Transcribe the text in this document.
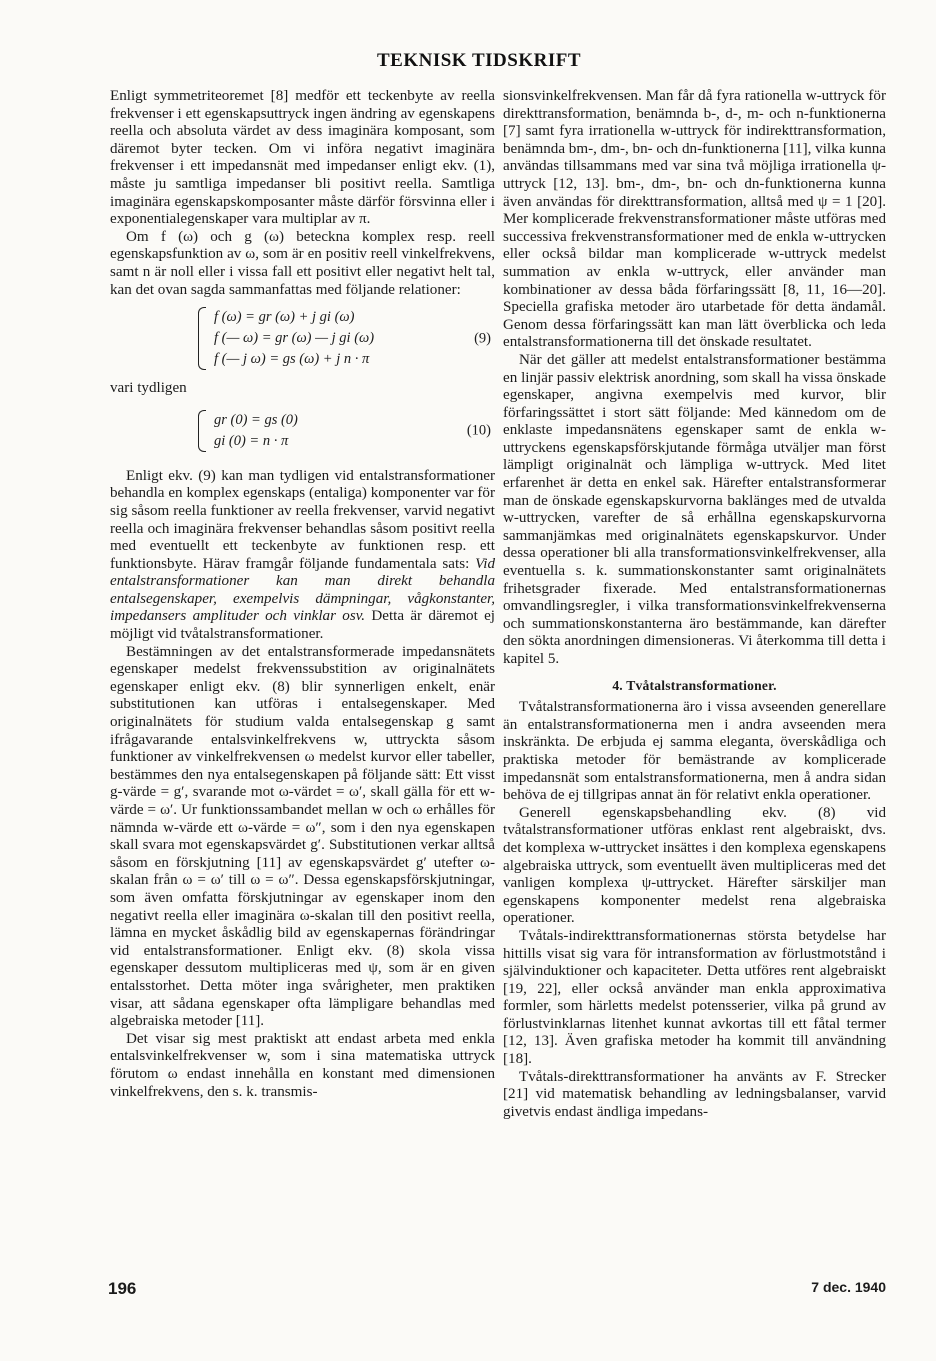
TEKNISK TIDSKRIFT

Enligt symmetriteoremet [8] medför ett teckenbyte av reella frekvenser i ett egenskapsuttryck ingen ändring av egenskapens reella och absoluta värdet av dess imaginära komposant, som däremot byter tecken. Om vi införa negativt imaginära frekvenser i ett impedansnät med impedanser enligt ekv. (1), måste ju samtliga impedanser bli positivt reella. Samtliga imaginära egenskapskomposanter måste därför försvinna eller i exponentialegenskaper vara multiplar av π.

Om f (ω) och g (ω) beteckna komplex resp. reell egenskapsfunktion av ω, som är en positiv reell vinkelfrekvens, samt n är noll eller i vissa fall ett positivt eller negativt helt tal, kan det ovan sagda sammanfattas med följande relationer:

f (ω) = gr (ω) + j gi (ω)
f (— ω) = gr (ω) — j gi (ω)
f (— j ω) = gs (ω) + j n · π
(9)

vari tydligen

gr (0) = gs (0)
gi (0) = n · π
(10)

Enligt ekv. (9) kan man tydligen vid entalstransformationer behandla en komplex egenskaps (entaliga) komponenter var för sig såsom reella funktioner av reella frekvenser, varvid negativt reella och imaginära frekvenser behandlas såsom positivt reella med eventuellt ett teckenbyte av funktionen resp. ett funktionsbyte. Härav framgår följande fundamentala sats: Vid entalstransformationer kan man direkt behandla entalsegenskaper, exempelvis dämpningar, vågkonstanter, impedansers amplituder och vinklar osv. Detta är däremot ej möjligt vid tvåtalstransformationer.

Bestämningen av det entalstransformerade impedansnätets egenskaper medelst frekvenssubstition av originalnätets egenskaper enligt ekv. (8) blir synnerligen enkelt, enär substitutionen kan utföras i entalsegenskaper. Med originalnätets för studium valda entalsegenskap g samt ifrågavarande entalsvinkelfrekvens w, uttryckta såsom funktioner av vinkelfrekvensen ω medelst kurvor eller tabeller, bestämmes den nya entalsegenskapen på följande sätt: Ett visst g-värde = g′, svarande mot ω-värdet = ω′, skall gälla för ett w-värde = ω′. Ur funktionssambandet mellan w och ω erhålles för nämnda w-värde ett ω-värde = ω″, som i den nya egenskapen skall svara mot egenskapsvärdet g′. Substitutionen verkar alltså såsom en förskjutning [11] av egenskapsvärdet g′ utefter ω-skalan från ω = ω′ till ω = ω″. Dessa egenskapsförskjutningar, som även omfatta förskjutningar av egenskaper inom den negativt reella eller imaginära ω-skalan till den positivt reella, lämna en mycket åskådlig bild av egenskapernas förändringar vid entalstransformationer. Enligt ekv. (8) skola vissa egenskaper dessutom multipliceras med ψ, som är en given entalsstorhet. Detta möter inga svårigheter, men praktiken visar, att sådana egenskaper ofta lämpligare behandlas med algebraiska metoder [11].

Det visar sig mest praktiskt att endast arbeta med enkla entalsvinkelfrekvenser w, som i sina matematiska uttryck förutom ω endast innehålla en konstant med dimensionen vinkelfrekvens, den s. k. transmis-

sionsvinkelfrekvensen. Man får då fyra rationella w-uttryck för direkttransformation, benämnda b-, d-, m- och n-funktionerna [7] samt fyra irrationella w-uttryck för indirekttransformation, benämnda bm-, dm-, bn- och dn-funktionerna [11], vilka kunna användas tillsammans med var sina två möjliga irrationella ψ-uttryck [12, 13]. bm-, dm-, bn- och dn-funktionerna kunna även användas för direkttransformation, alltså med ψ = 1 [20]. Mer komplicerade frekvenstransformationer måste utföras med successiva frekvenstransformationer med de enkla w-uttrycken eller också bildar man komplicerade w-uttryck medelst summation av enkla w-uttryck, eller använder man kombinationer av dessa båda förfaringssätt [8, 11, 16—20]. Speciella grafiska metoder äro utarbetade för detta ändamål. Genom dessa förfaringssätt kan man lätt överblicka och leda entalstransformationerna till det önskade resultatet.

När det gäller att medelst entalstransformationer bestämma en linjär passiv elektrisk anordning, som skall ha vissa önskade egenskaper, angivna exempelvis med kurvor, blir förfaringssättet i stort sätt följande: Med kännedom om de enklaste impedansnätens egenskaper samt de enkla w-uttryckens egenskapsförskjutande förmåga utväljer man först lämpligt originalnät och lämpliga w-uttryck. Med litet erfarenhet är detta en enkel sak. Härefter entalstransformerar man de önskade egenskapskurvorna baklänges med de utvalda w-uttrycken, varefter de så erhållna egenskapskurvorna sammanjämkas med originalnätets egenskapskurvor. Under dessa operationer bli alla transformationsvinkelfrekvenser, alla eventuella s. k. summationskonstanter samt originalnätets frihetsgrader fixerade. Med entalstransformationernas omvandlingsregler, i vilka transformationsvinkelfrekvenserna och summationskonstanterna äro bestämmande, kan därefter den sökta anordningen dimensioneras. Vi återkomma till detta i kapitel 5.

4. Tvåtalstransformationer.

Tvåtalstransformationerna äro i vissa avseenden generellare än entalstransformationerna men i andra avseenden mera inskränkta. De erbjuda ej samma eleganta, överskådliga och praktiska metoder för bemästrande av komplicerade impedansnät som entalstransformationerna, men å andra sidan behöva de ej tillgripas annat än för relativt enkla operationer.

Generell egenskapsbehandling ekv. (8) vid tvåtalstransformationer utföras enklast rent algebraiskt, dvs. det komplexa w-uttrycket insättes i den komplexa egenskapens algebraiska uttryck, som eventuellt även multipliceras med det vanligen komplexa ψ-uttrycket. Härefter särskiljer man egenskapens komponenter medelst rena algebraiska operationer.

Tvåtals-indirekttransformationernas största betydelse har hittills visat sig vara för intransformation av förlustmotstånd i självinduktioner och kapaciteter. Detta utföres rent algebraiskt [19, 22], eller också använder man enkla approximativa formler, som härletts medelst potensserier, vilka på grund av förlustvinklarnas litenhet kunnat avkortas till ett fåtal termer [12, 13]. Även grafiska metoder ha kommit till användning [18].

Tvåtals-direkttransformationer ha använts av F. Strecker [21] vid matematisk behandling av ledningsbalanser, varvid givetvis endast ändliga impedans-

196	7 dec. 1940
